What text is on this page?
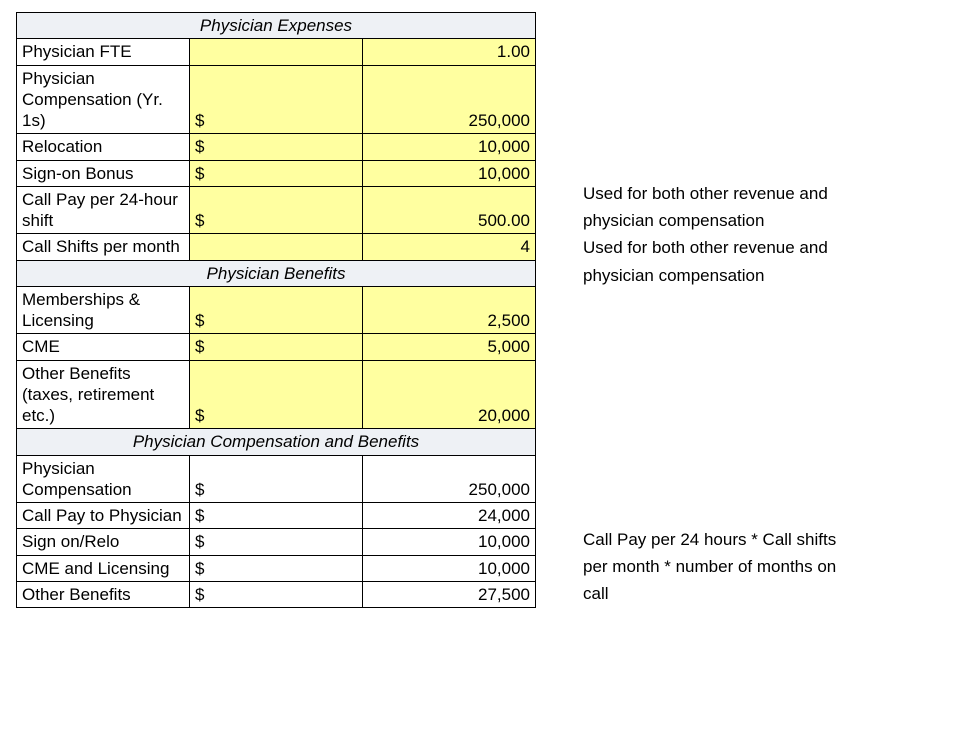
Physician Expenses		
Physician FTE		1.00
Physician Compensation (Yr. 1s)	$	250,000
Relocation	$	10,000
Sign-on Bonus	$	10,000
Call Pay per 24-hour shift	$	500.00
Call Shifts per month		4
Physician Benefits		
Memberships & Licensing	$	2,500
CME	$	5,000
Other Benefits (taxes, retirement etc.)	$	20,000
Physician Compensation and Benefits		
Physician Compensation	$	250,000
Call Pay to Physician	$	24,000
Sign on/Relo	$	10,000
CME and Licensing	$	10,000
Other Benefits	$	27,500
Used for both other revenue and
physician compensation
Used for both other revenue and
physician compensation
Call Pay per 24 hours * Call shifts
per month * number of months on
call
